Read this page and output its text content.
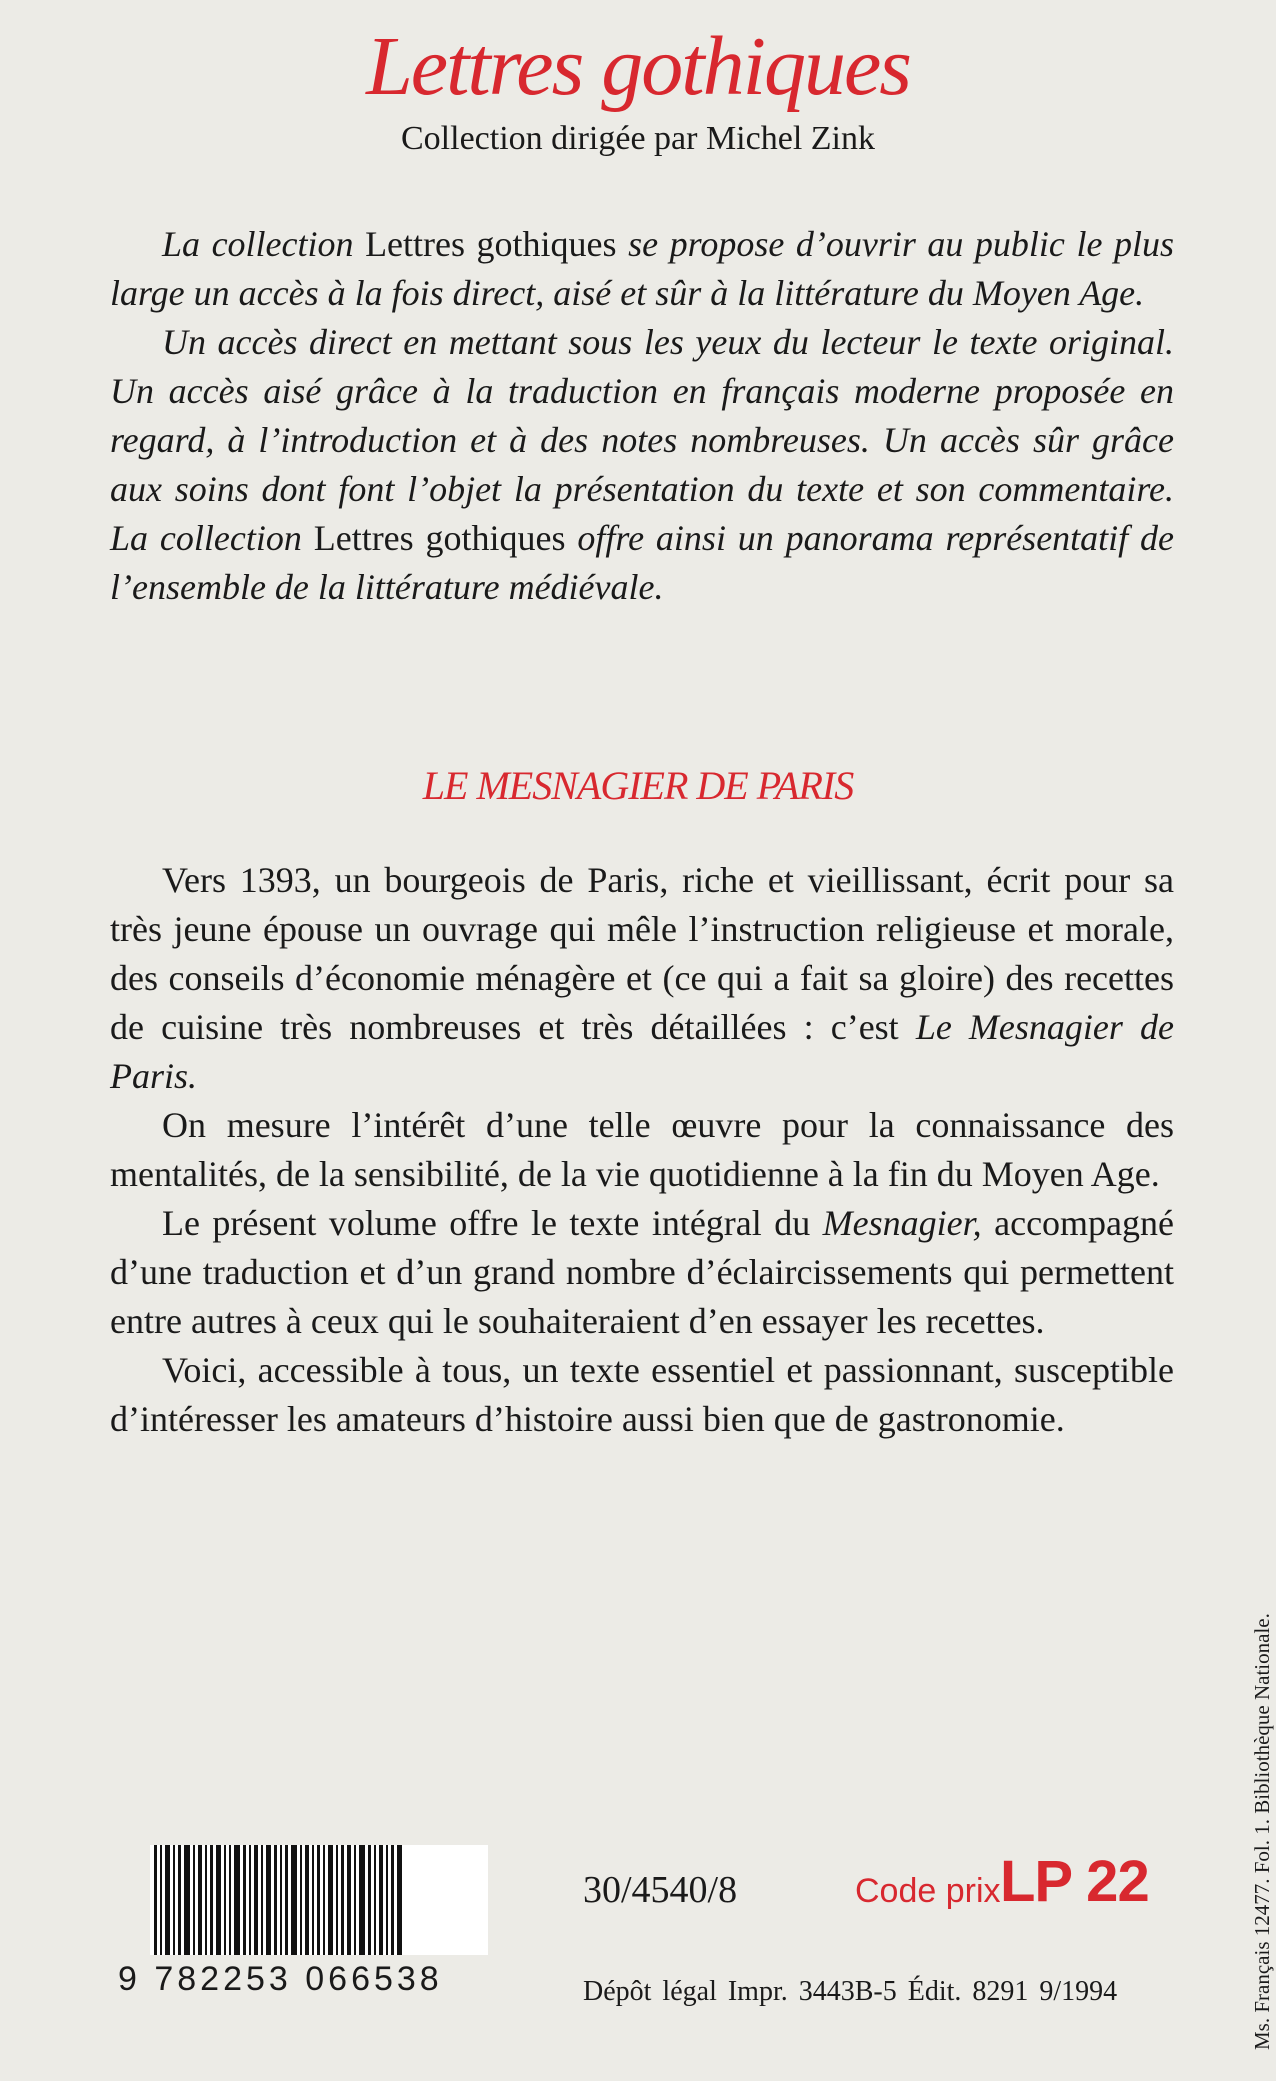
Lettres gothiques
Collection dirigée par Michel Zink

La collection Lettres gothiques se propose d’ouvrir au public le plus large un accès à la fois direct, aisé et sûr à la littérature du Moyen Age.

Un accès direct en mettant sous les yeux du lecteur le texte original. Un accès aisé grâce à la traduction en français moderne proposée en regard, à l’introduction et à des notes nombreuses. Un accès sûr grâce aux soins dont font l’objet la présentation du texte et son commentaire. La collection Lettres gothiques offre ainsi un panorama représentatif de l’ensemble de la littérature médiévale.

LE MESNAGIER DE PARIS

Vers 1393, un bourgeois de Paris, riche et vieillissant, écrit pour sa très jeune épouse un ouvrage qui mêle l’instruction religieuse et morale, des conseils d’économie ménagère et (ce qui a fait sa gloire) des recettes de cuisine très nombreuses et très détaillées : c’est Le Mesnagier de Paris.

On mesure l’intérêt d’une telle œuvre pour la connaissance des mentalités, de la sensibilité, de la vie quotidienne à la fin du Moyen Age.

Le présent volume offre le texte intégral du Mesnagier, accompagné d’une traduction et d’un grand nombre d’éclaircissements qui permettent entre autres à ceux qui le souhaiteraient d’en essayer les recettes.

Voici, accessible à tous, un texte essentiel et passionnant, susceptible d’intéresser les amateurs d’histoire aussi bien que de gastronomie.

9 782253 066538
30/4540/8	Code prix LP 22
Dépôt légal Impr. 3443B-5 Édit. 8291 9/1994	Ms. Français 12477. Fol. 1. Bibliothèque Nationale.
